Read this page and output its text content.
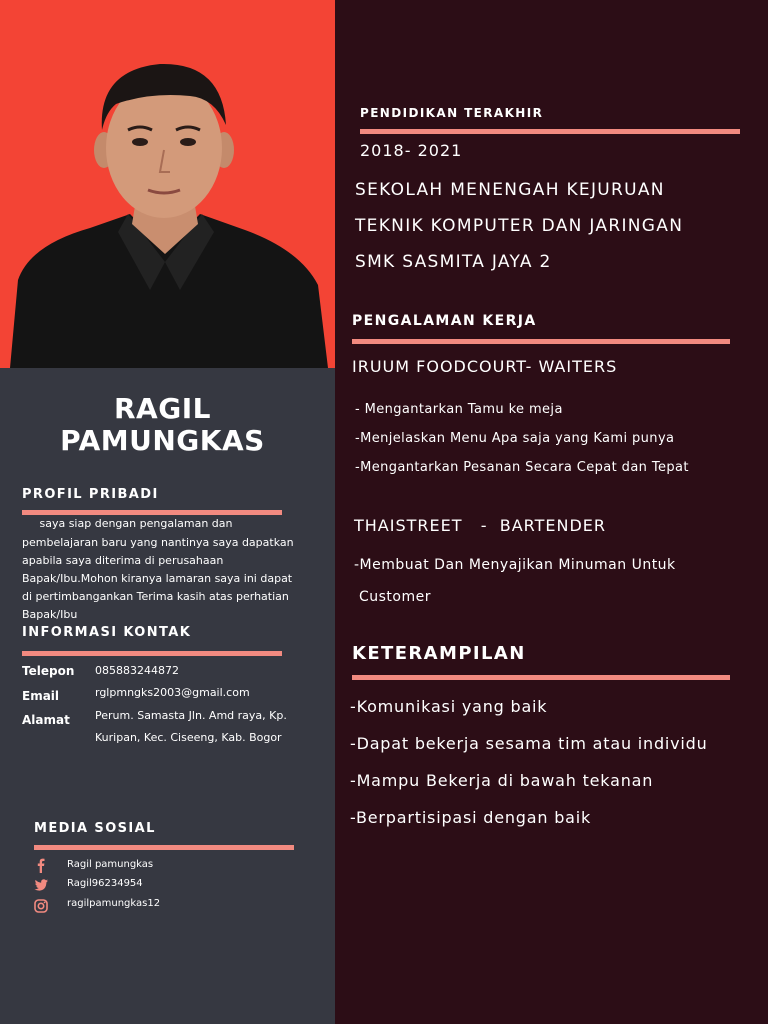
RAGIL
PAMUNGKAS
PROFIL PRIBADI
saya siap dengan pengalaman dan
pembelajaran baru yang nantinya saya dapatkan
apabila saya diterima di perusahaan
Bapak/Ibu.Mohon kiranya lamaran saya ini dapat
di pertimbangankan Terima kasih atas perhatian
Bapak/Ibu
INFORMASI KONTAK
Telepon 085883244872
Email	rglpmngks2003@gmail.com
Alamat Perum. Samasta Jln. Amd raya, Kp.
Kuripan, Kec. Ciseeng, Kab. Bogor
MEDIA SOSIAL
Ragil pamungkas
Ragil96234954
ragilpamungkas12
PENDIDIKAN TERAKHIR
2018- 2021
SEKOLAH MENENGAH KEJURUAN
TEKNIK KOMPUTER DAN JARINGAN
SMK SASMITA JAYA 2
PENGALAMAN KERJA
IRUUM FOODCOURT- WAITERS
- Mengantarkan Tamu ke meja
-Menjelaskan Menu Apa saja yang Kami punya
-Mengantarkan Pesanan Secara Cepat dan Tepat
THAISTREET   -  BARTENDER
-Membuat Dan Menyajikan Minuman Untuk
Customer
KETERAMPILAN
-Komunikasi yang baik
-Dapat bekerja sesama tim atau individu
-Mampu Bekerja di bawah tekanan
-Berpartisipasi dengan baik
